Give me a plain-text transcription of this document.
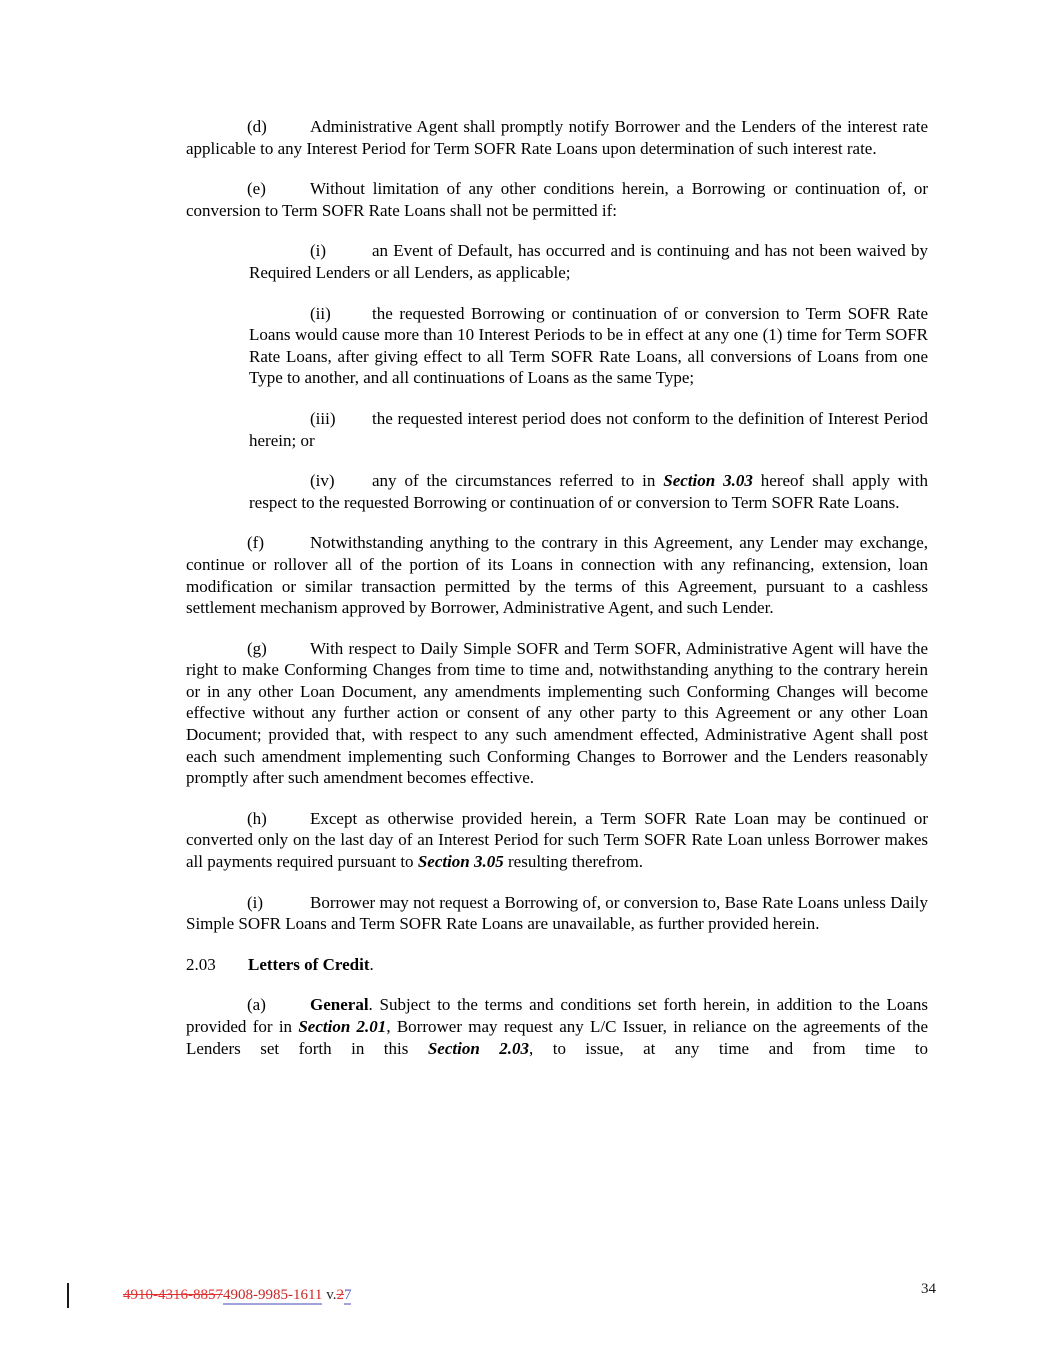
(d)	Administrative Agent shall promptly notify Borrower and the Lenders of the interest rate applicable to any Interest Period for Term SOFR Rate Loans upon determination of such interest rate.

(e)	Without limitation of any other conditions herein, a Borrowing or continuation of, or conversion to Term SOFR Rate Loans shall not be permitted if:

(i)	an Event of Default, has occurred and is continuing and has not been waived by Required Lenders or all Lenders, as applicable;

(ii) the requested Borrowing or continuation of or conversion to Term SOFR Rate Loans would cause more than 10 Interest Periods to be in effect at any one (1) time for Term SOFR Rate Loans, after giving effect to all Term SOFR Rate Loans, all conversions of Loans from one Type to another, and all continuations of Loans as the same Type;

(iii) the requested interest period does not conform to the definition of Interest Period herein; or

(iv) any of the circumstances referred to in Section 3.03 hereof shall apply with respect to the requested Borrowing or continuation of or conversion to Term SOFR Rate Loans.

(f)	Notwithstanding anything to the contrary in this Agreement, any Lender may exchange, continue or rollover all of the portion of its Loans in connection with any refinancing, extension, loan modification or similar transaction permitted by the terms of this Agreement, pursuant to a cashless settlement mechanism approved by Borrower, Administrative Agent, and such Lender.

(g)	With respect to Daily Simple SOFR and Term SOFR, Administrative Agent will have the right to make Conforming Changes from time to time and, notwithstanding anything to the contrary herein or in any other Loan Document, any amendments implementing such Conforming Changes will become effective without any further action or consent of any other party to this Agreement or any other Loan Document; provided that, with respect to any such amendment effected, Administrative Agent shall post each such amendment implementing such Conforming Changes to Borrower and the Lenders reasonably promptly after such amendment becomes effective.

(h)	Except as otherwise provided herein, a Term SOFR Rate Loan may be continued or converted only on the last day of an Interest Period for such Term SOFR Rate Loan unless Borrower makes all payments required pursuant to Section 3.05 resulting therefrom.

(i)	Borrower may not request a Borrowing of, or conversion to, Base Rate Loans unless Daily Simple SOFR Loans and Term SOFR Rate Loans are unavailable, as further provided herein.

2.03 Letters of Credit.

(a)	General. Subject to the terms and conditions set forth herein, in addition to the Loans provided for in Section 2.01, Borrower may request any L/C Issuer, in reliance on the agreements of the Lenders set forth in this Section 2.03, to issue, at any time and from time to

4910-4316-88574908-9985-1611 v.27	34
